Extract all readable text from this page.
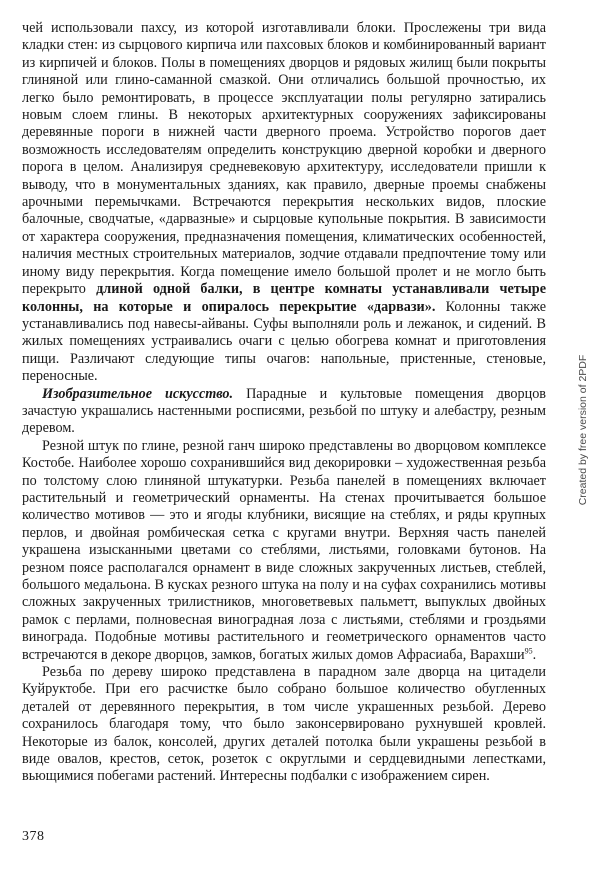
Created by free version of 2PDF

чей использовали пахсу, из которой изготавливали блоки. Прослежены три вида кладки стен: из сырцового кирпича или пахсовых блоков и комбинированный вариант из кирпичей и блоков. Полы в помещениях дворцов и рядовых жилищ были покрыты глиняной или глино-саманной смазкой. Они отличались большой прочностью, их легко было ремонтировать, в процессе эксплуатации полы регулярно затирались новым слоем глины. В некоторых архитектурных сооружениях зафиксированы деревянные пороги в нижней части дверного проема. Устройство порогов дает возможность исследователям определить конструкцию дверной коробки и дверного порога в целом. Анализируя средневековую архитектуру, исследователи пришли к выводу, что в монументальных зданиях, как правило, дверные проемы снабжены арочными перемычками. Встречаются перекрытия нескольких видов, плоские балочные, сводчатые, «дарвазные» и сырцовые купольные покрытия. В зависимости от характера сооружения, предназначения помещения, климатических особенностей, наличия местных строительных материалов, зодчие отдавали предпочтение тому или иному виду перекрытия. Когда помещение имело большой пролет и не могло быть перекрыто длиной одной балки, в центре комнаты устанавливали четыре колонны, на которые и опиралось перекрытие «дарвази». Колонны также устанавливались под навесы-айваны. Суфы выполняли роль и лежанок, и сидений. В жилых помещениях устраивались очаги с целью обогрева комнат и приготовления пищи. Различают следующие типы очагов: напольные, пристенные, стеновые, переносные.

Изобразительное искусство. Парадные и культовые помещения дворцов зачастую украшались настенными росписями, резьбой по штуку и алебастру, резным деревом.

Резной штук по глине, резной ганч широко представлены во дворцовом комплексе Костобе. Наиболее хорошо сохранившийся вид декорировки – художественная резьба по толстому слою глиняной штукатурки. Резьба панелей в помещениях включает растительный и геометрический орнаменты. На стенах прочитывается большое количество мотивов — это и ягоды клубники, висящие на стеблях, и ряды крупных перлов, и двойная ромбическая сетка с кругами внутри. Верхняя часть панелей украшена изысканными цветами со стеблями, листьями, головками бутонов. На резном поясе располагался орнамент в виде сложных закрученных листьев, стеблей, большого медальона. В кусках резного штука на полу и на суфах сохранились мотивы сложных закрученных трилистников, многоветвевых пальметт, выпуклых двойных рамок с перлами, полновесная виноградная лоза с листьями, стеблями и гроздьями винограда. Подобные мотивы растительного и геометрического орнаментов часто встречаются в декоре дворцов, замков, богатых жилых домов Афрасиаба, Варахши$^{95}$.

Резьба по дереву широко представлена в парадном зале дворца на цитадели Куйруктобе. При его расчистке было собрано большое количество обугленных деталей от деревянного перекрытия, в том числе украшенных резьбой. Дерево сохранилось благодаря тому, что было законсервировано рухнувшей кровлей. Некоторые из балок, консолей, других деталей потолка были украшены резьбой в виде овалов, крестов, сеток, розеток с округлыми и сердцевидными лепестками, вьющимися побегами растений. Интересны подбалки с изображением сирен.

378
